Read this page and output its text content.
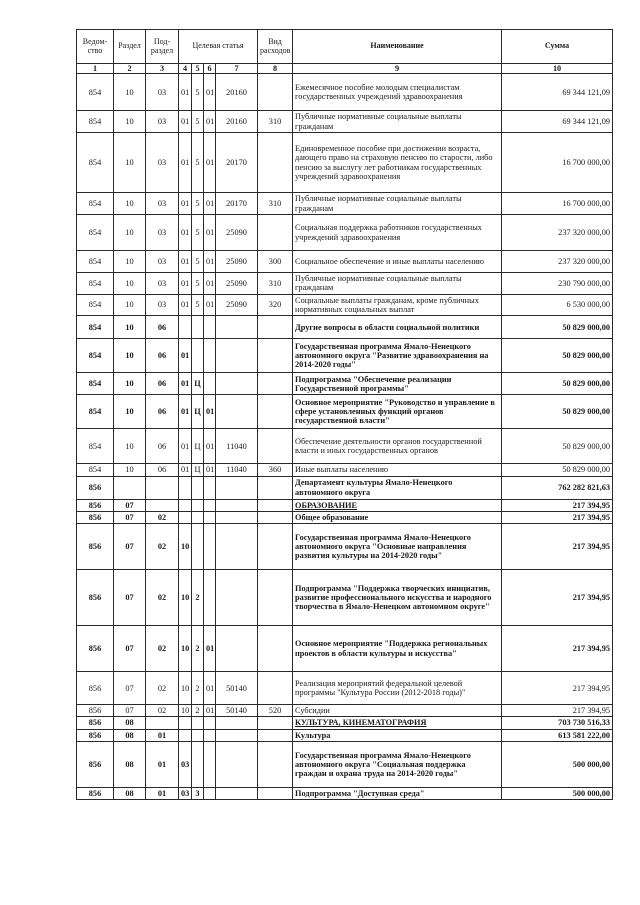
Ведом-ство	Раздел	Под-раздел	Целевая статья				Вид расходов	Наименование	Сумма
1	2	3	4	5	6	7	8	9	10
854	10	03	01	5	01	20160		Ежемесячное пособие молодым специалистам государственных учреждений здравоохранения	69 344 121,09
854	10	03	01	5	01	20160	310	Публичные нормативные социальные выплаты гражданам	69 344 121,09
854	10	03	01	5	01	20170		Единовременное пособие при достижении возраста, дающего право на страховую пенсию по старости, либо пенсию за выслугу лет работникам государственных учреждений здравоохранения	16 700 000,00
854	10	03	01	5	01	20170	310	Публичные нормативные социальные выплаты гражданам	16 700 000,00
854	10	03	01	5	01	25090		Социальная поддержка работников государственных учреждений здравоохранения	237 320 000,00
854	10	03	01	5	01	25090	300	Социальное обеспечение и иные выплаты населению	237 320 000,00
854	10	03	01	5	01	25090	310	Публичные нормативные социальные выплаты гражданам	230 790 000,00
854	10	03	01	5	01	25090	320	Социальные выплаты гражданам, кроме публичных нормативных социальных выплат	6 530 000,00
854	10	06						Другие вопросы в области социальной политики	50 829 000,00
854	10	06	01					Государственная программа Ямало-Ненецкого автономного округа "Развитие здравоохранения на 2014-2020 годы"	50 829 000,00
854	10	06	01	Ц				Подпрограмма "Обеспечение реализации Государственной программы"	50 829 000,00
854	10	06	01	Ц	01			Основное мероприятие "Руководство и управление в сфере установленных функций органов государственной власти"	50 829 000,00
854	10	06	01	Ц	01	11040		Обеспечение деятельности органов государственной власти и иных государственных органов	50 829 000,00
854	10	06	01	Ц	01	11040	360	Иные выплаты населению	50 829 000,00
856								Департамент культуры Ямало-Ненецкого автономного округа	762 282 821,63
856	07							ОБРАЗОВАНИЕ	217 394,95
856	07	02						Общее образование	217 394,95
856	07	02	10					Государственная программа Ямало-Ненецкого автономного округа "Основные направления развития культуры на 2014-2020 годы"	217 394,95
856	07	02	10	2				Подпрограмма "Поддержка творческих инициатив, развитие профессионального искусства и народного творчества в Ямало-Ненецком автономном округе"	217 394,95
856	07	02	10	2	01			Основное мероприятие "Поддержка региональных проектов в области культуры и искусства"	217 394,95
856	07	02	10	2	01	50140		Реализация мероприятий федеральной целевой программы "Культура России (2012-2018 годы)"	217 394,95
856	07	02	10	2	01	50140	520	Субсидии	217 394,95
856	08							КУЛЬТУРА, КИНЕМАТОГРАФИЯ	703 730 516,33
856	08	01						Культура	613 581 222,00
856	08	01	03					Государственная программа Ямало-Ненецкого автономного округа "Социальная поддержка граждан и охрана труда на 2014-2020 годы"	500 000,00
856	08	01	03	3				Подпрограмма "Доступная среда"	500 000,00
